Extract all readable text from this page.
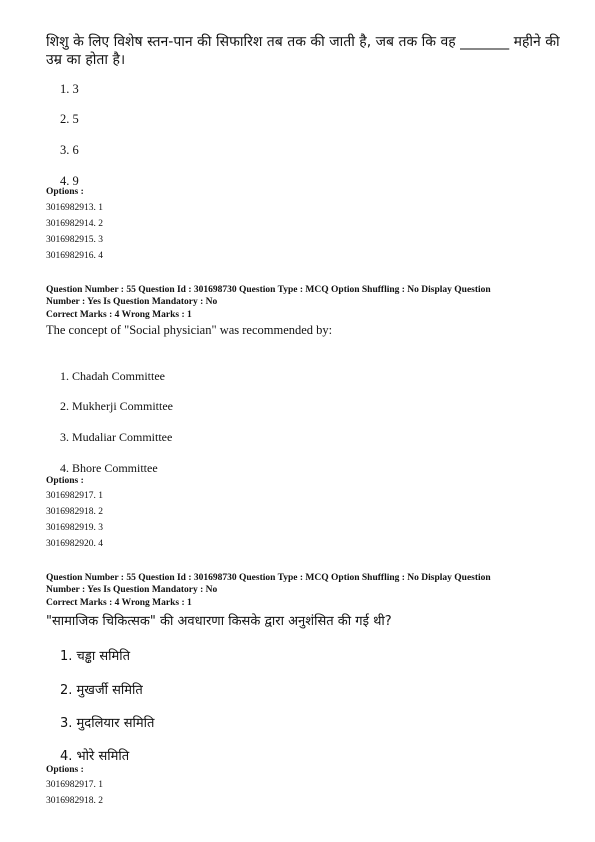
शिशु के लिए विशेष स्तन-पान की सिफारिश तब तक की जाती है, जब तक कि वह _______ महीने की
उम्र का होता है।
1. 3
2. 5
3. 6
4. 9
Options :
3016982913. 1
3016982914. 2
3016982915. 3
3016982916. 4
Question Number : 55 Question Id : 301698730 Question Type : MCQ Option Shuffling : No Display Question
Number : Yes Is Question Mandatory : No
Correct Marks : 4 Wrong Marks : 1
The concept of "Social physician" was recommended by:
1. Chadah Committee
2. Mukherji Committee
3. Mudaliar Committee
4. Bhore Committee
Options :
3016982917. 1
3016982918. 2
3016982919. 3
3016982920. 4
Question Number : 55 Question Id : 301698730 Question Type : MCQ Option Shuffling : No Display Question
Number : Yes Is Question Mandatory : No
Correct Marks : 4 Wrong Marks : 1
"सामाजिक चिकित्सक" की अवधारणा किसके द्वारा अनुशंसित की गई थी?
1. चड्ढा समिति
2. मुखर्जी समिति
3. मुदलियार समिति
4. भोरे समिति
Options :
3016982917. 1
3016982918. 2
